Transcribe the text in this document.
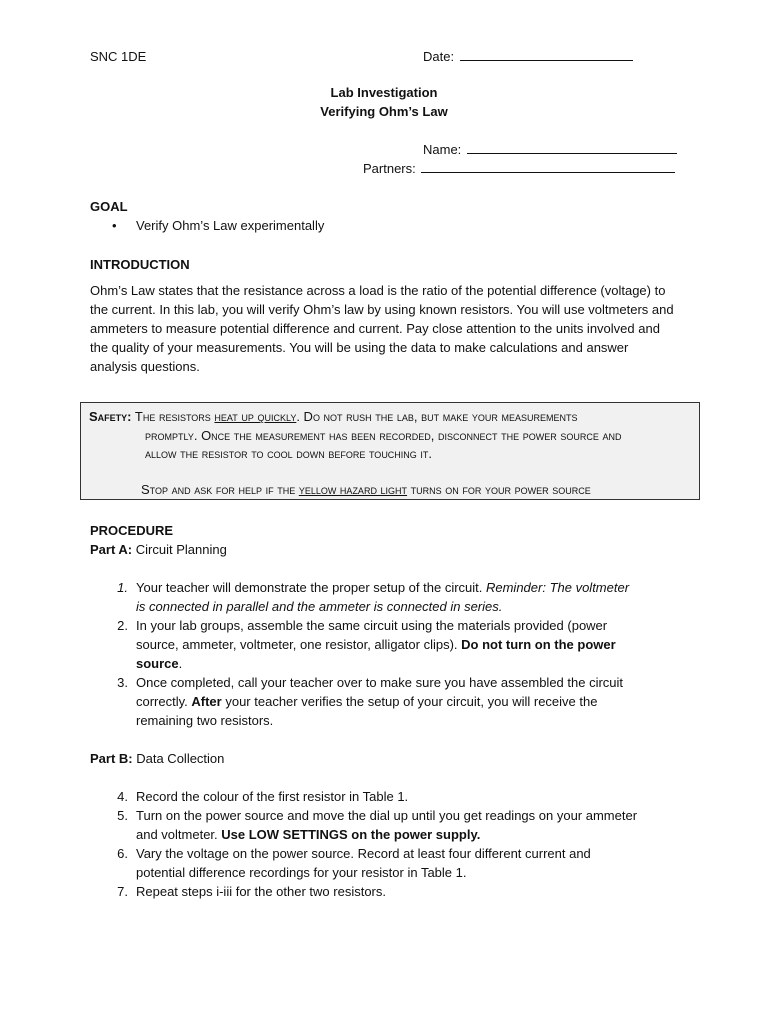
SNC 1DE	Date:
Lab Investigation
Verifying Ohm’s Law
Name:
Partners:
GOAL
• Verify Ohm’s Law experimentally
INTRODUCTION
Ohm’s Law states that the resistance across a load is the ratio of the potential difference (voltage) to the current. In this lab, you will verify Ohm’s law by using known resistors. You will use voltmeters and ammeters to measure potential difference and current. Pay close attention to the units involved and the quality of your measurements. You will be using the data to make calculations and answer analysis questions.
Safety: The resistors heat up quickly. Do not rush the lab, but make your measurements
promptly. Once the measurement has been recorded, disconnect the power source and
allow the resistor to cool down before touching it.
Stop and ask for help if the yellow hazard light turns on for your power source
PROCEDURE
Part A: Circuit Planning
1. Your teacher will demonstrate the proper setup of the circuit. Reminder: The voltmeter
is connected in parallel and the ammeter is connected in series.
2. In your lab groups, assemble the same circuit using the materials provided (power
source, ammeter, voltmeter, one resistor, alligator clips). Do not turn on the power
source.
3. Once completed, call your teacher over to make sure you have assembled the circuit
correctly. After your teacher verifies the setup of your circuit, you will receive the
remaining two resistors.
Part B: Data Collection
4. Record the colour of the first resistor in Table 1.
5. Turn on the power source and move the dial up until you get readings on your ammeter
and voltmeter. Use LOW SETTINGS on the power supply.
6. Vary the voltage on the power source. Record at least four different current and
potential difference recordings for your resistor in Table 1.
7. Repeat steps i-iii for the other two resistors.
